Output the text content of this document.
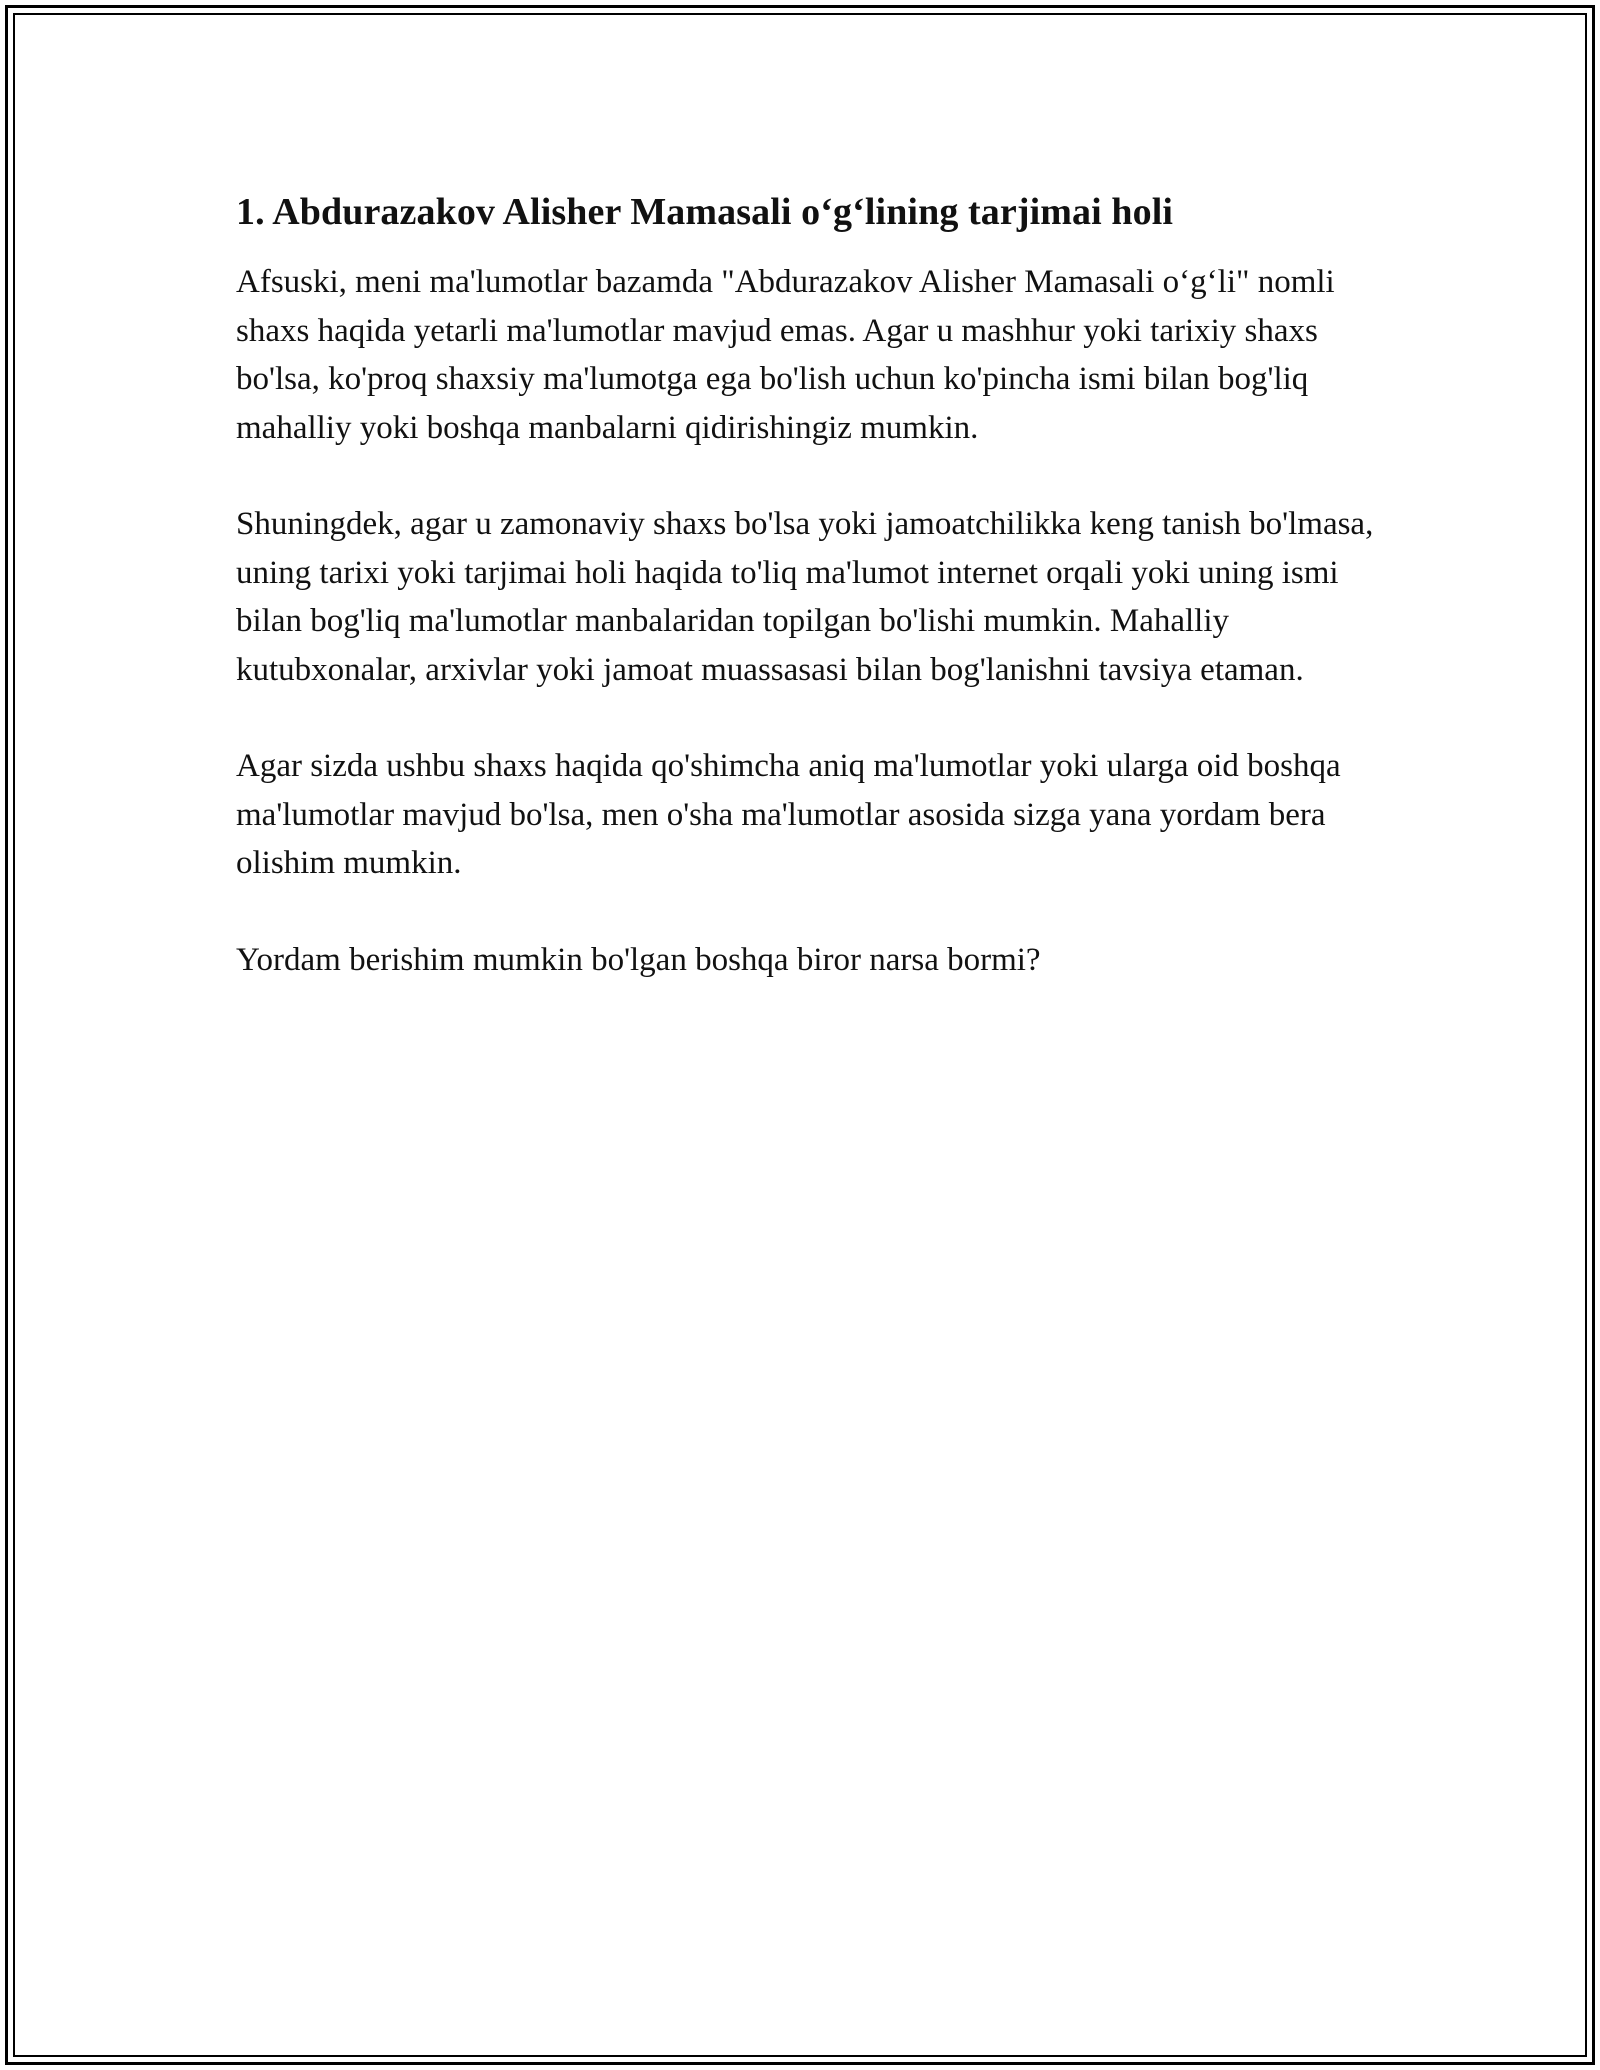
1. Abdurazakov Alisher Mamasali o‘g‘lining tarjimai holi

Afsuski, meni ma'lumotlar bazamda "Abdurazakov Alisher Mamasali o‘g‘li" nomli shaxs haqida yetarli ma'lumotlar mavjud emas. Agar u mashhur yoki tarixiy shaxs bo'lsa, ko'proq shaxsiy ma'lumotga ega bo'lish uchun ko'pincha ismi bilan bog'liq mahalliy yoki boshqa manbalarni qidirishingiz mumkin.

Shuningdek, agar u zamonaviy shaxs bo'lsa yoki jamoatchilikka keng tanish bo'lmasa, uning tarixi yoki tarjimai holi haqida to'liq ma'lumot internet orqali yoki uning ismi bilan bog'liq ma'lumotlar manbalaridan topilgan bo'lishi mumkin. Mahalliy kutubxonalar, arxivlar yoki jamoat muassasasi bilan bog'lanishni tavsiya etaman.

Agar sizda ushbu shaxs haqida qo'shimcha aniq ma'lumotlar yoki ularga oid boshqa ma'lumotlar mavjud bo'lsa, men o'sha ma'lumotlar asosida sizga yana yordam bera olishim mumkin.

Yordam berishim mumkin bo'lgan boshqa biror narsa bormi?
